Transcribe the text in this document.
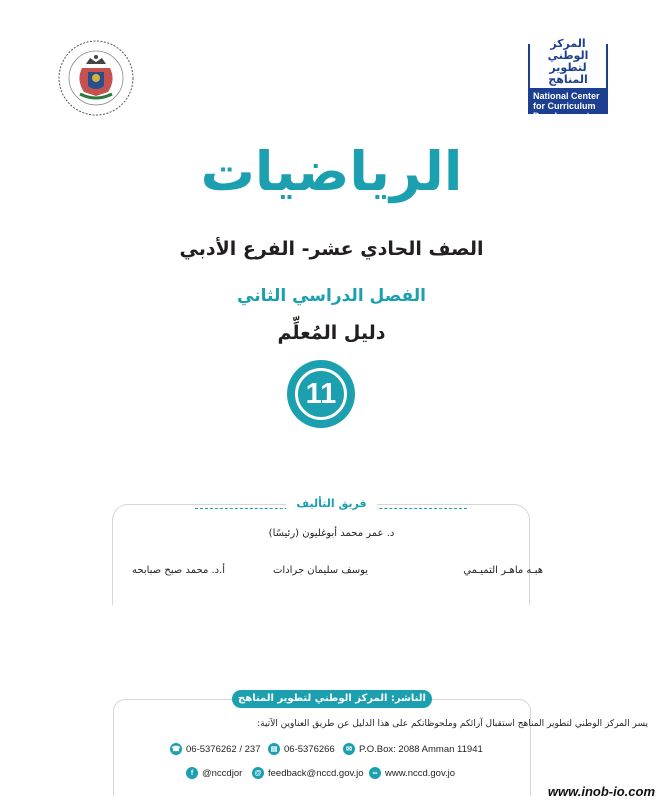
المركز الوطني
لتطوير المناهج
National Center
for Curriculum
Development
الرياضيات
الصف الحادي عشر- الفرع الأدبي
الفصل الدراسي الثاني
دليل المُعلِّم
11
فريق التأليف
د. عمر محمد أبوغليون (رئيسًا)
هبـه ماهـر التميـمي
يوسف سليمان جرادات
أ.د. محمد صبح صبابحه
الناشر: المركز الوطني لتطوير المناهج
يسر المركز الوطني لتطوير المناهج استقبال آرائكم وملحوظاتكم على هذا الدليل عن طريق العناوين الآتية:
☎ 06-5376262 / 237	▤ 06-5376266	✉ P.O.Box: 2088 Amman 11941
f @nccdjor	@ feedback@nccd.gov.jo	∞ www.nccd.gov.jo
www.inob-io.com
